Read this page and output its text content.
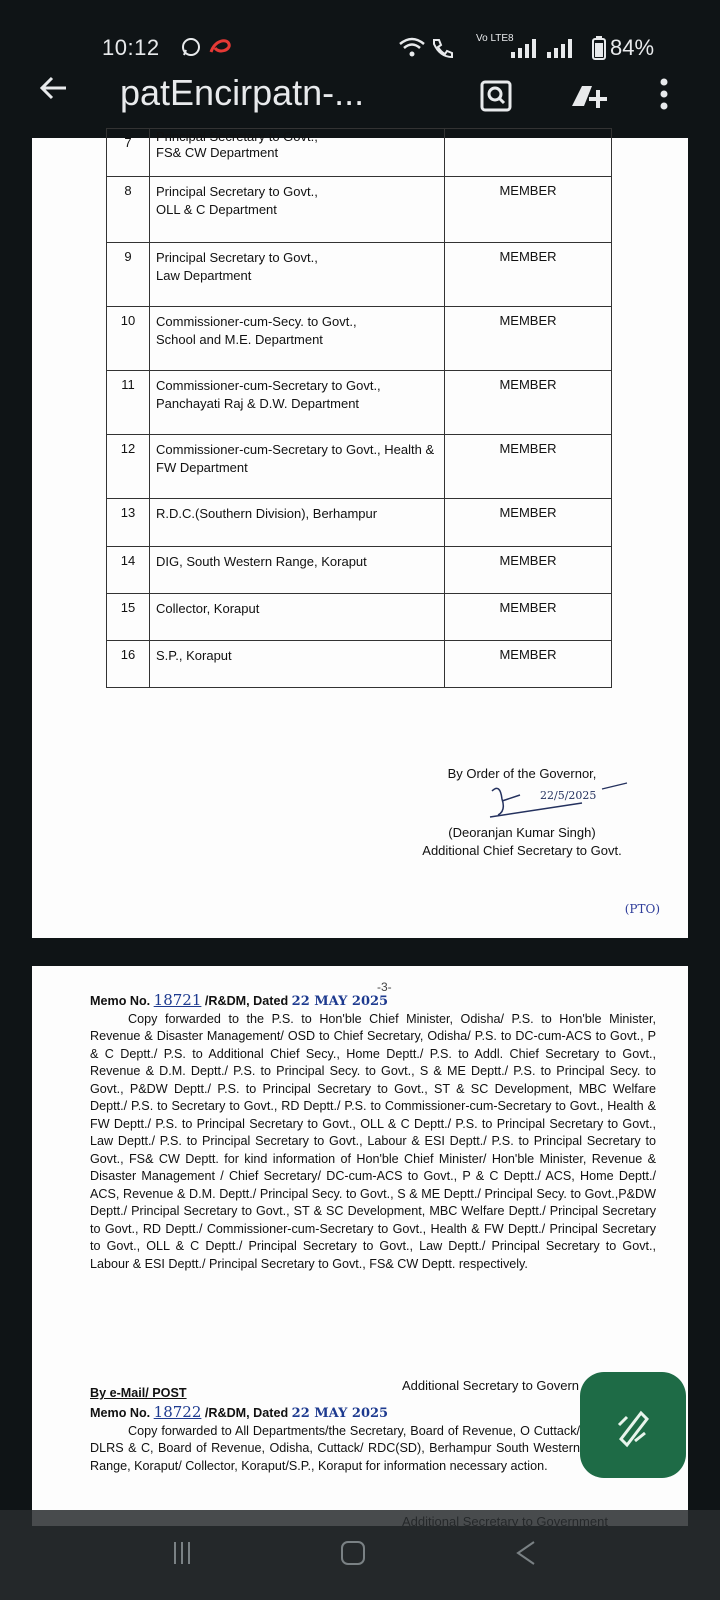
10:12

	Vo LTE8
	84%
patEncirpatn-...
7	Principal Secretary to Govt.,
FS& CW Department	

8	Principal Secretary to Govt.,
OLL & C Department	MEMBER
9	Principal Secretary to Govt.,
Law Department	MEMBER
10	Commissioner-cum-Secy. to Govt.,
School and M.E. Department	MEMBER
11	Commissioner-cum-Secretary to Govt.,
Panchayati Raj & D.W. Department	MEMBER
12	Commissioner-cum-Secretary to Govt., Health &
FW Department	MEMBER
13	R.D.C.(Southern Division), Berhampur	MEMBER
14	DIG, South Western Range, Koraput	MEMBER
15	Collector, Koraput	MEMBER
16	S.P., Koraput	MEMBER
By Order of the Governor,
22/5/2025
(Deoranjan Kumar Singh)
Additional Chief Secretary to Govt.
(PTO)
-3-
Memo No. 18721 /R&DM, Dated 22 MAY 2025
Copy forwarded to the P.S. to Hon'ble Chief Minister, Odisha/ P.S. to Hon'ble Minister, Revenue & Disaster Management/ OSD to Chief Secretary, Odisha/ P.S. to DC-cum-ACS to Govt., P & C Deptt./ P.S. to Additional Chief Secy., Home Deptt./ P.S. to Addl. Chief Secretary to Govt., Revenue & D.M. Deptt./ P.S. to Principal Secy. to Govt., S & ME Deptt./ P.S. to Principal Secy. to Govt., P&DW Deptt./ P.S. to Principal Secretary to Govt., ST & SC Development, MBC Welfare Deptt./ P.S. to Secretary to Govt., RD Deptt./ P.S. to Commissioner-cum-Secretary to Govt., Health & FW Deptt./ P.S. to Principal Secretary to Govt., OLL & C Deptt./ P.S. to Principal Secretary to Govt., Law Deptt./ P.S. to Principal Secretary to Govt., Labour & ESI Deptt./ P.S. to Principal Secretary to Govt., FS& CW Deptt. for kind information of Hon'ble Chief Minister/ Hon'ble Minister, Revenue & Disaster Management / Chief Secretary/ DC-cum-ACS to Govt., P & C Deptt./ ACS, Home Deptt./ ACS, Revenue & D.M. Deptt./ Principal Secy. to Govt., S & ME Deptt./ Principal Secy. to Govt.,P&DW Deptt./ Principal Secretary to Govt., ST & SC Development, MBC Welfare Deptt./ Principal Secretary to Govt., RD Deptt./ Commissioner-cum-Secretary to Govt., Health & FW Deptt./ Principal Secretary to Govt., OLL & C Deptt./ Principal Secretary to Govt., Law Deptt./ Principal Secretary to Govt., Labour & ESI Deptt./ Principal Secretary to Govt., FS& CW Deptt. respectively.
Additional Secretary to Govern
By e-Mail/ POST
Memo No. 18722 /R&DM, Dated 22 MAY 2025
Copy forwarded to All Departments/the Secretary, Board of Revenue, O Cuttack/ DLRS & C, Board of Revenue, Odisha, Cuttack/ RDC(SD), Berhampur South Western Range, Koraput/ Collector, Koraput/S.P., Koraput for information necessary action.
